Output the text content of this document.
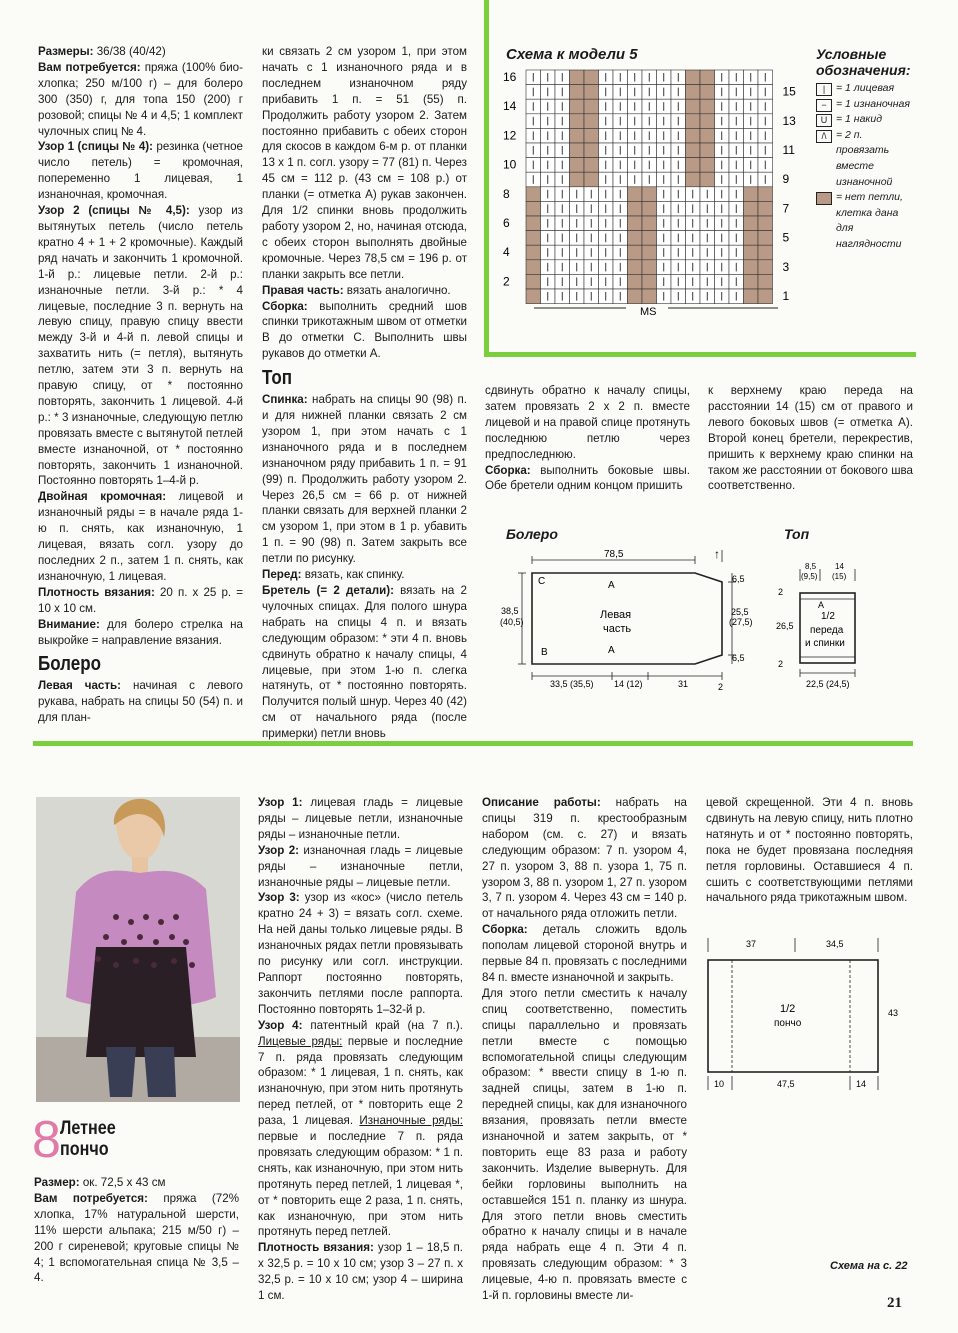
Размеры: 36/38 (40/42)

Вам потребуется: пряжа (100% био-хлопка; 250 м/100 г) – для болеро 300 (350) г, для топа 150 (200) г розовой; спицы № 4 и 4,5; 1 комплект чулочных спиц № 4.

Узор 1 (спицы № 4): резинка (четное число петель) = кромочная, попеременно 1 лицевая, 1 изнаночная, кромочная.

Узор 2 (спицы № 4,5): узор из вытянутых петель (число петель кратно 4 + 1 + 2 кромочные). Каждый ряд начать и закончить 1 кромочной. 1-й р.: лицевые петли. 2-й р.: изнаночные петли. 3-й р.: * 4 лицевые, последние 3 п. вернуть на левую спицу, правую спицу ввести между 3-й и 4-й п. левой спицы и захватить нить (= петля), вытянуть петлю, затем эти 3 п. вернуть на правую спицу, от * постоянно повторять, закончить 1 лицевой. 4-й р.: * 3 изнаночные, следующую петлю провязать вместе с вытянутой петлей вместе изнаночной, от * постоянно повторять, закончить 1 изнаночной. Постоянно повторять 1–4-й р.

Двойная кромочная: лицевой и изнаночный ряды = в начале ряда 1-ю п. снять, как изнаночную, 1 лицевая, вязать согл. узору до последних 2 п., затем 1 п. снять, как изнаночную, 1 лицевая.

Плотность вязания: 20 п. х 25 р. = 10 х 10 см.

Внимание: для болеро стрелка на выкройке = направление вязания.

Болеро

Левая часть: начиная с левого рукава, набрать на спицы 50 (54) п. и для план-

ки связать 2 см узором 1, при этом начать с 1 изнаночного ряда и в последнем изнаночном ряду прибавить 1 п. = 51 (55) п. Продолжить работу узором 2. Затем постоянно прибавить с обеих сторон для скосов в каждом 6-м р. от планки 13 х 1 п. согл. узору = 77 (81) п. Через 45 см = 112 р. (43 см = 108 р.) от планки (= отметка А) рукав закончен. Для 1/2 спинки вновь продолжить работу узором 2, но, начиная отсюда, с обеих сторон выполнять двойные кромочные. Через 78,5 см = 196 р. от планки закрыть все петли.

Правая часть: вязать аналогично.

Сборка: выполнить средний шов спинки трикотажным швом от отметки В до отметки С. Выполнить швы рукавов до отметки А.

Топ

Спинка: набрать на спицы 90 (98) п. и для нижней планки связать 2 см узором 1, при этом начать с 1 изнаночного ряда и в последнем изнаночном ряду прибавить 1 п. = 91 (99) п. Продолжить работу узором 2. Через 26,5 см = 66 р. от нижней планки связать для верхней планки 2 см узором 1, при этом в 1 р. убавить 1 п. = 90 (98) п. Затем закрыть все петли по рисунку.

Перед: вязать, как спинку.

Бретель (= 2 детали): вязать на 2 чулочных спицах. Для полого шнура набрать на спицы 4 п. и вязать следующим образом: * эти 4 п. вновь сдвинуть обратно к началу спицы, 4 лицевые, при этом 1-ю п. слегка натянуть, от * постоянно повторять. Получится полый шнур. Через 40 (42) см от начального ряда (после примерки) петли вновь

сдвинуть обратно к началу спицы, затем провязать 2 х 2 п. вместе лицевой и на правой спице протянуть последнюю петлю через предпоследнюю.

Сборка: выполнить боковые швы. Обе бретели одним концом пришить

к верхнему краю переда на расстоянии 14 (15) см от правого и левого боковых швов (= отметка А). Второй конец бретели, перекрестив, пришить к верхнему краю спинки на таком же расстоянии от бокового шва соответственно.

Схема к модели 5
16
14
12
10
8
6
4
2
15
13
11
9
7
5
3
1
MS
Условные обозначения:
|	= 1 лицевая
− = 1 изнаночная
U = 1 накид
/\ = 2 п. провязать вместе изнаночной
= нет петли, клетка дана для наглядности
Болеро
78,5
38,5
(40,5)
C	A
Левая
часть
B	A
6,5
25,5
(27,5)
6,5
33,5 (35,5) 14 (12)	31
↑
2
Топ
8,5
(9,5)
14
(15)
26,5
A
1/2
переда
и спинки
22,5 (24,5)
2
2
8 Летнее
пончо

Размер: ок. 72,5 х 43 см

Вам потребуется: пряжа (72% хлопка, 17% натуральной шерсти, 11% шерсти альпака; 215 м/50 г) – 200 г сиреневой; круговые спицы № 4; 1 вспомогательная спица № 3,5 – 4.

Узор 1: лицевая гладь = лицевые ряды – лицевые петли, изнаночные ряды – изнаночные петли.

Узор 2: изнаночная гладь = лицевые ряды – изнаночные петли, изнаночные ряды – лицевые петли.

Узор 3: узор из «кос» (число петель кратно 24 + 3) = вязать согл. схеме. На ней даны только лицевые ряды. В изнаночных рядах петли провязывать по рисунку или согл. инструкции. Раппорт постоянно повторять, закончить петлями после раппорта. Постоянно повторять 1–32-й р.

Узор 4: патентный край (на 7 п.). Лицевые ряды: первые и последние 7 п. ряда провязать следующим образом: * 1 лицевая, 1 п. снять, как изнаночную, при этом нить протянуть перед петлей, от * повторить еще 2 раза, 1 лицевая. Изнаночные ряды: первые и последние 7 п. ряда провязать следующим образом: * 1 п. снять, как изнаночную, при этом нить протянуть перед петлей, 1 лицевая *, от * повторить еще 2 раза, 1 п. снять, как изнаночную, при этом нить протянуть перед петлей.

Плотность вязания: узор 1 – 18,5 п. х 32,5 р. = 10 х 10 см; узор 3 – 27 п. х 32,5 р. = 10 х 10 см; узор 4 – ширина 1 см.

Описание работы: набрать на спицы 319 п. крестообразным набором (см. с. 27) и вязать следующим образом: 7 п. узором 4, 27 п. узором 3, 88 п. узора 1, 75 п. узором 3, 88 п. узором 1, 27 п. узором 3, 7 п. узором 4. Через 43 см = 140 р. от начального ряда отложить петли.

Сборка: деталь сложить вдоль пополам лицевой стороной внутрь и первые 84 п. провязать с последними 84 п. вместе изнаночной и закрыть.

Для этого петли сместить к началу спиц соответственно, поместить спицы параллельно и провязать петли вместе с помощью вспомогательной спицы следующим образом: * ввести спицу в 1-ю п. задней спицы, затем в 1-ю п. передней спицы, как для изнаночного вязания, провязать петли вместе изнаночной и затем закрыть, от * повторить еще 83 раза и работу закончить. Изделие вывернуть. Для бейки горловины выполнить на оставшейся 151 п. планку из шнура. Для этого петли вновь сместить обратно к началу спицы и в начале ряда набрать еще 4 п. Эти 4 п. провязать следующим образом: * 3 лицевые, 4-ю п. провязать вместе с 1-й п. горловины вместе ли-

цевой скрещенной. Эти 4 п. вновь сдвинуть на левую спицу, нить плотно натянуть и от * постоянно повторять, пока не будет провязана последняя петля горловины. Оставшиеся 4 п. сшить с соответствующими петлями начального ряда трикотажным швом.

37	34,5
1/2
пончо
43
10	47,5	14
Схема на с. 22
21
